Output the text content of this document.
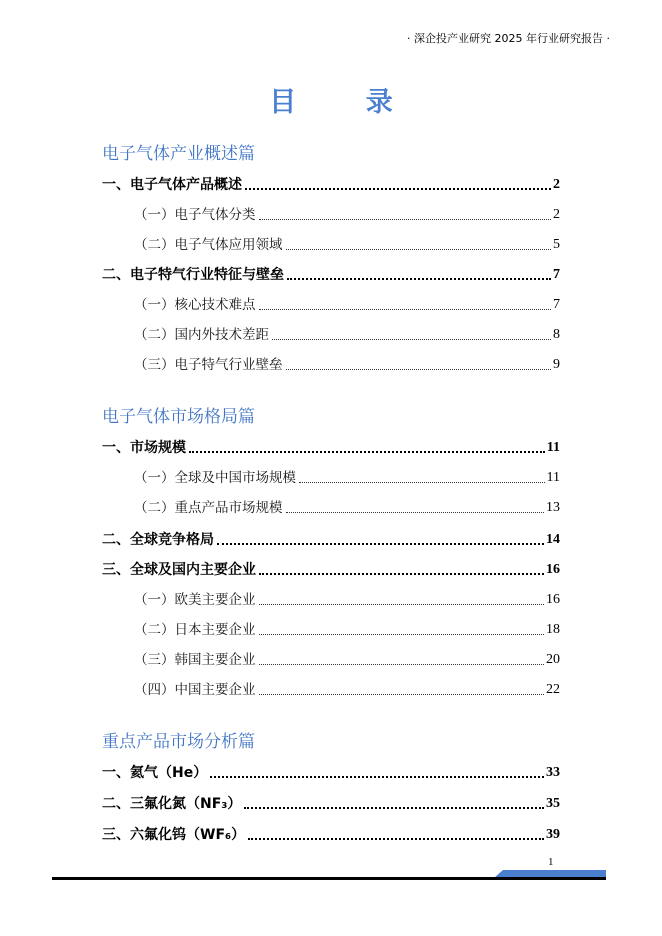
· 深企投产业研究 2025 年行业研究报告 ·
目 录
电子气体产业概述篇
一、电子气体产品概述	2
（一）电子气体分类	2
（二）电子气体应用领域	5
二、电子特气行业特征与壁垒	7
（一）核心技术难点	7
（二）国内外技术差距	8
（三）电子特气行业壁垒	9
电子气体市场格局篇
一、市场规模	11
（一）全球及中国市场规模	11
（二）重点产品市场规模	13
二、全球竞争格局	14
三、全球及国内主要企业	16
（一）欧美主要企业	16
（二）日本主要企业	18
（三）韩国主要企业	20
（四）中国主要企业	22
重点产品市场分析篇
一、氦气（He）	33
二、三氟化氮（NF₃）	35
三、六氟化钨（WF₆）	39
1
